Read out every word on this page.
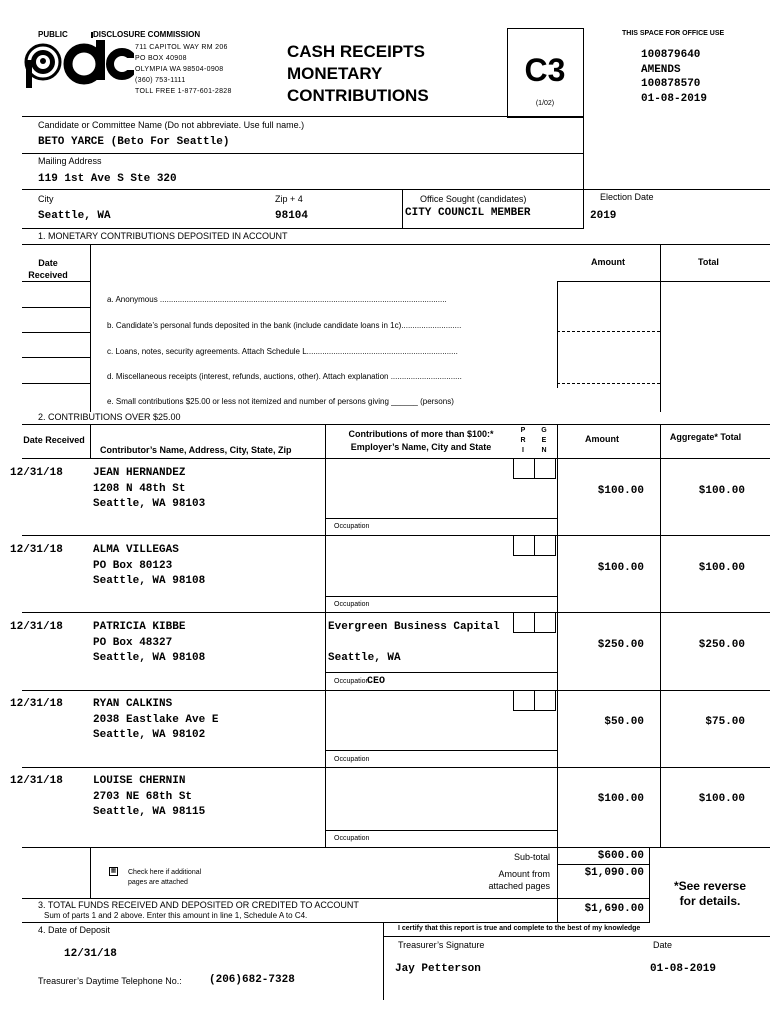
PUBLIC	DISCLOSURE COMMISSION
711 CAPITOL WAY RM 206
PO BOX 40908
OLYMPIA WA 98504-0908
(360) 753-1111
TOLL FREE 1-877-601-2828
CASH RECEIPTS
MONETARY
CONTRIBUTIONS
C3
(1/02)
THIS SPACE FOR OFFICE USE
100879640
AMENDS
100878570
01-08-2019
Candidate or Committee Name (Do not abbreviate. Use full name.)
BETO YARCE (Beto For Seattle)
Mailing Address
119 1st Ave S Ste 320
City
Seattle, WA
Zip + 4
98104
Office Sought (candidates)
CITY COUNCIL MEMBER
Election Date
2019
1. MONETARY CONTRIBUTIONS DEPOSITED IN ACCOUNT
Date Received
Amount	Total
a. Anonymous .................................................................................................................................
b. Candidate’s personal funds deposited in the bank (include candidate loans in 1c)...........................
c. Loans, notes, security agreements. Attach Schedule L....................................................................
d. Miscellaneous receipts (interest, refunds, auctions, other). Attach explanation ................................
e. Small contributions $25.00 or less not itemized and number of persons giving ______ (persons)
2. CONTRIBUTIONS OVER $25.00
Date Received
Contributor’s Name, Address, City, State, Zip
Contributions of more than $100:*
Employer’s Name, City and State
P R I
G E N
Amount	Aggregate* Total
12/31/18	JEAN HERNANDEZ
1208 N 48th St
Seattle, WA 98103
$100.00	$100.00
Occupation
12/31/18	ALMA VILLEGAS
PO Box 80123
Seattle, WA 98108
$100.00	$100.00
Occupation
12/31/18	PATRICIA KIBBE
PO Box 48327
Seattle, WA 98108
Evergreen Business Capital
Seattle, WA
$250.00	$250.00
Occupation
CEO
12/31/18	RYAN CALKINS
2038 Eastlake Ave E
Seattle, WA 98102
$50.00	$75.00
Occupation
12/31/18	LOUISE CHERNIN
2703 NE 68th St
Seattle, WA 98115
$100.00	$100.00
Occupation
▦ Check here if additional
pages are attached
Sub-total	$600.00
Amount from
attached pages
$1,090.00
*See reverse
for details.
3. TOTAL FUNDS RECEIVED AND DEPOSITED OR CREDITED TO ACCOUNT
Sum of parts 1 and 2 above. Enter this amount in line 1, Schedule A to C4.
$1,690.00
4. Date of Deposit
12/31/18
Treasurer’s Daytime Telephone No.: (206)682-7328
I certify that this report is true and complete to the best of my knowledge
Treasurer’s Signature	Date
Jay Petterson	01-08-2019
